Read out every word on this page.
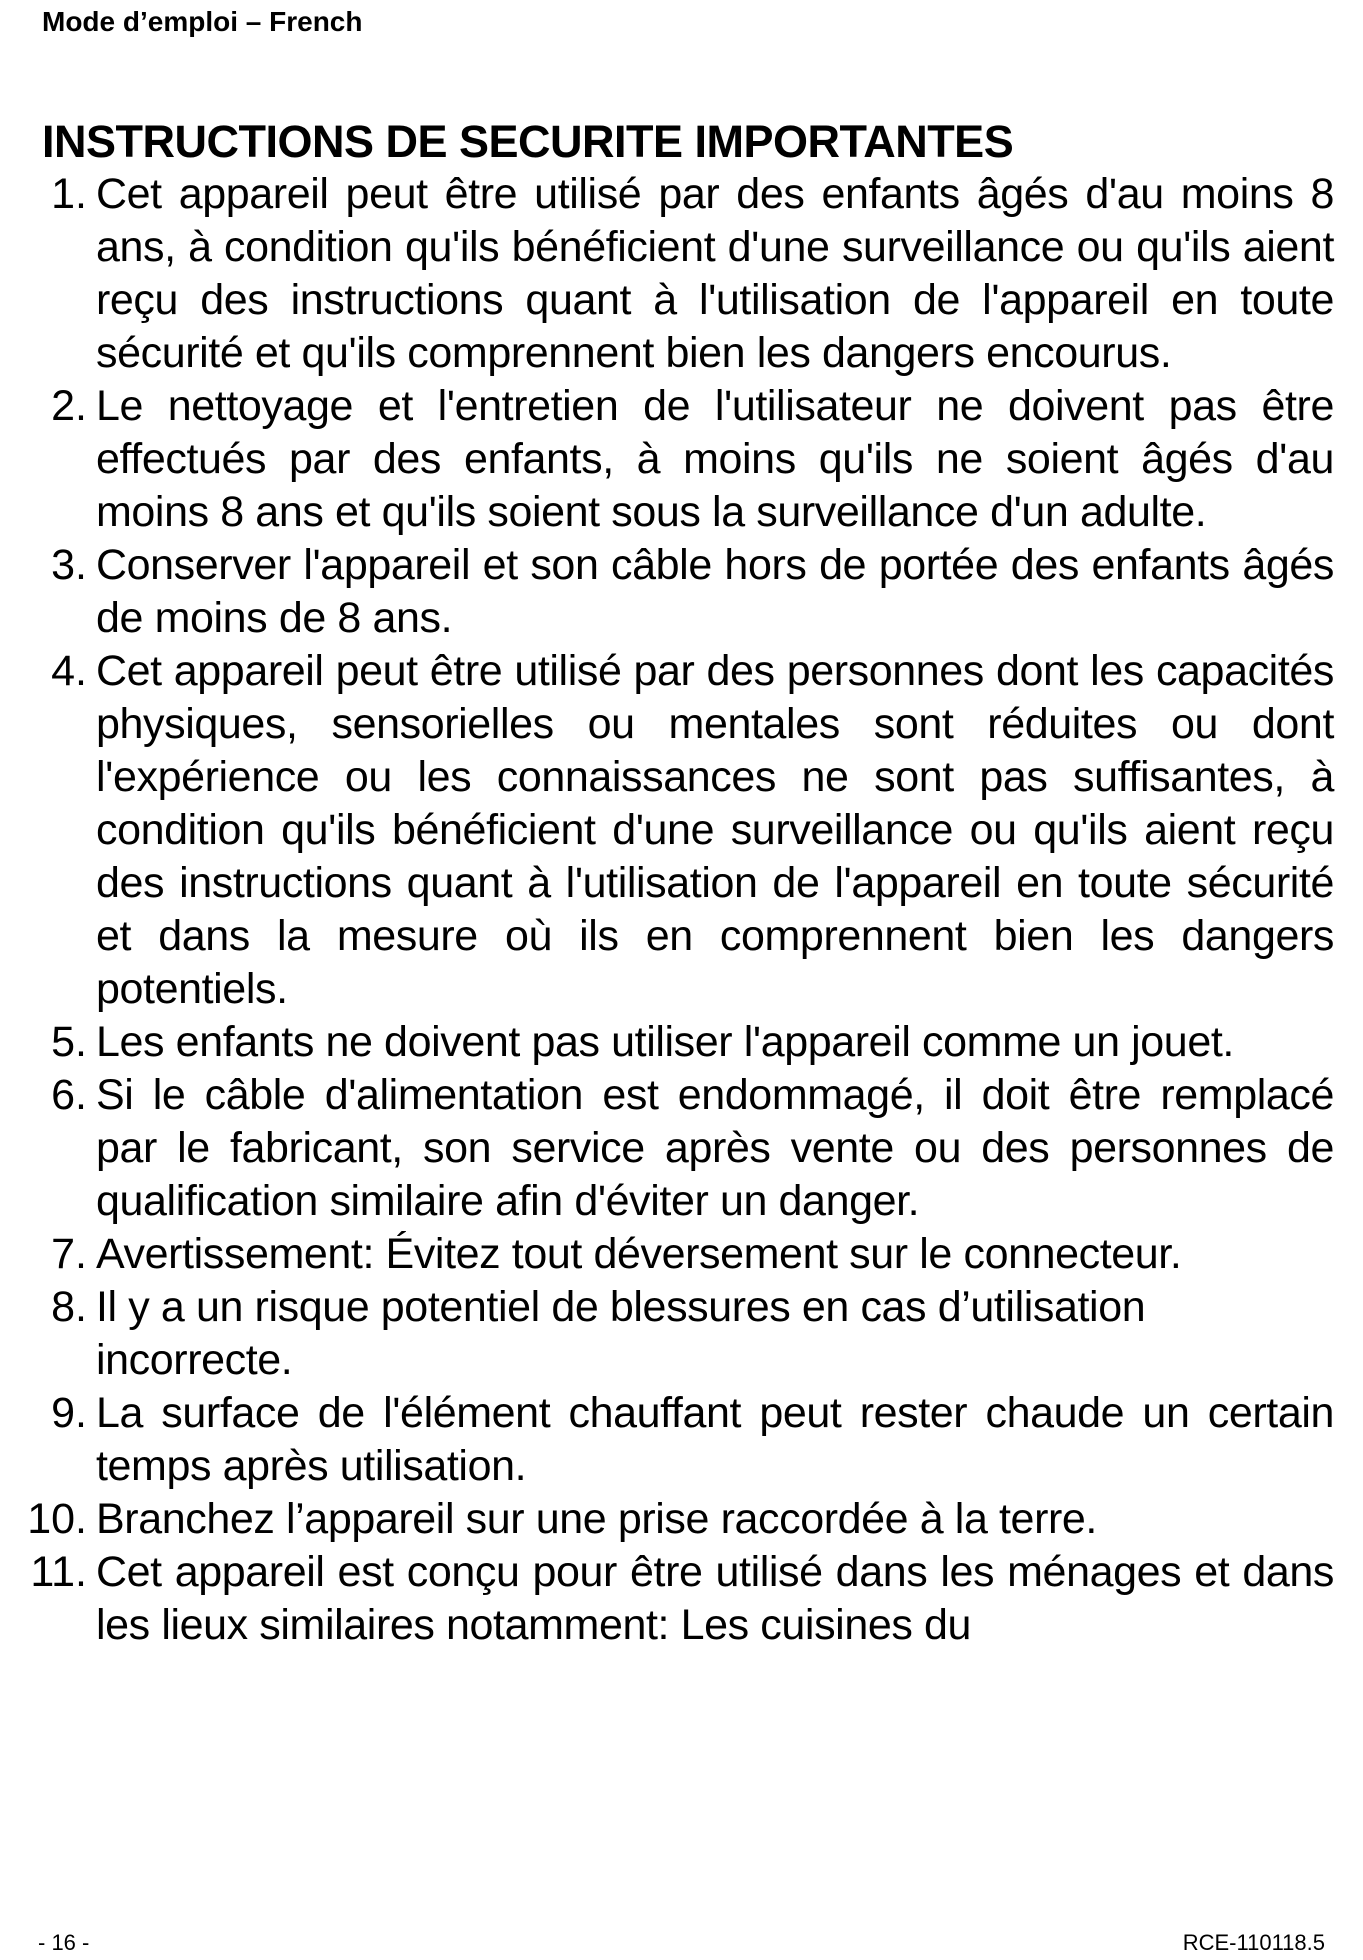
Mode d’emploi – French
INSTRUCTIONS DE SECURITE IMPORTANTES
1. Cet appareil peut être utilisé par des enfants âgés d'au moins 8 ans, à condition qu'ils bénéficient d'une surveillance ou qu'ils aient reçu des instructions quant à l'utilisation de l'appareil en toute sécurité et qu'ils comprennent bien les dangers encourus.
2. Le nettoyage et l'entretien de l'utilisateur ne doivent pas être effectués par des enfants, à moins qu'ils ne soient âgés d'au moins 8 ans et qu'ils soient sous la surveillance d'un adulte.
3. Conserver l'appareil et son câble hors de portée des enfants âgés de moins de 8 ans.
4. Cet appareil peut être utilisé par des personnes dont les capacités physiques, sensorielles ou mentales sont réduites ou dont l'expérience ou les connaissances ne sont pas suffisantes, à condition qu'ils bénéficient d'une surveillance ou qu'ils aient reçu des instructions quant à l'utilisation de l'appareil en toute sécurité et dans la mesure où ils en comprennent bien les dangers potentiels.
5. Les enfants ne doivent pas utiliser l'appareil comme un jouet.
6. Si le câble d'alimentation est endommagé, il doit être remplacé par le fabricant, son service après vente ou des personnes de qualification similaire afin d'éviter un danger.
7. Avertissement: Évitez tout déversement sur le connecteur.
8. Il y a un risque potentiel de blessures en cas d’utilisation incorrecte.
9. La surface de l'élément chauffant peut rester chaude un certain temps après utilisation.
10. Branchez l’appareil sur une prise raccordée à la terre.
11. Cet appareil est conçu pour être utilisé dans les ménages et dans les lieux similaires notamment: Les cuisines du
- 16 -	RCE-110118.5
